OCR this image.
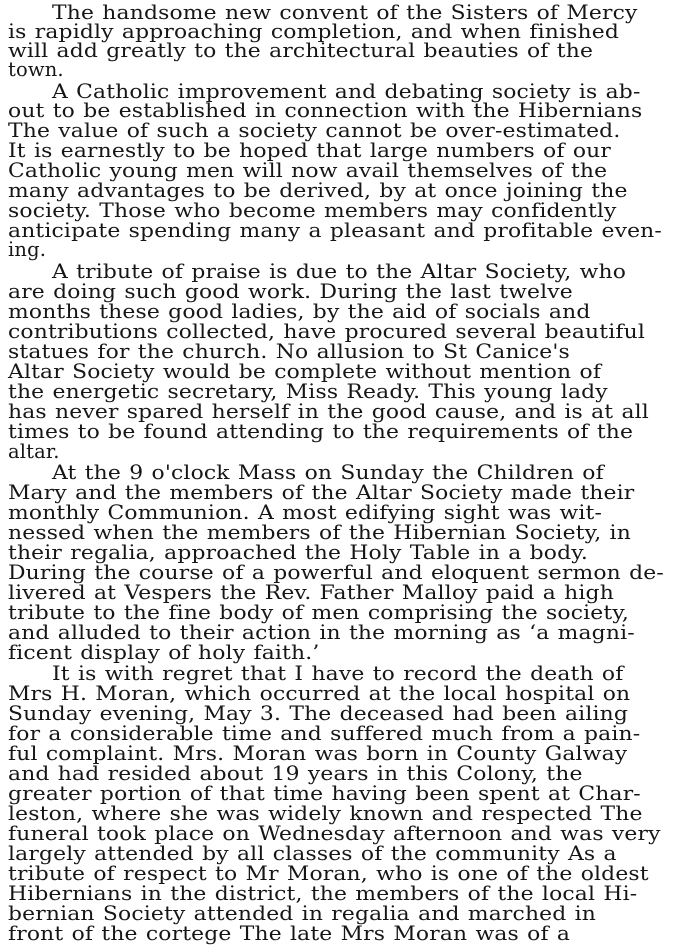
The handsome new convent of the Sisters of Mercy
is rapidly approaching completion, and when finished
will add greatly to the architectural beauties of the
town.
A Catholic improvement and debating society is ab-
out to be established in connection with the Hibernians
The value of such a society cannot be over-estimated.
It is earnestly to be hoped that large numbers of our
Catholic young men will now avail themselves of the
many advantages to be derived, by at once joining the
society. Those who become members may confidently
anticipate spending many a pleasant and profitable even-
ing.
A tribute of praise is due to the Altar Society, who
are doing such good work. During the last twelve
months these good ladies, by the aid of socials and
contributions collected, have procured several beautiful
statues for the church. No allusion to St Canice's
Altar Society would be complete without mention of
the energetic secretary, Miss Ready. This young lady
has never spared herself in the good cause, and is at all
times to be found attending to the requirements of the
altar.
At the 9 o'clock Mass on Sunday the Children of
Mary and the members of the Altar Society made their
monthly Communion. A most edifying sight was wit-
nessed when the members of the Hibernian Society, in
their regalia, approached the Holy Table in a body.
During the course of a powerful and eloquent sermon de-
livered at Vespers the Rev. Father Malloy paid a high
tribute to the fine body of men comprising the society,
and alluded to their action in the morning as ‘a magni-
ficent display of holy faith.’
It is with regret that I have to record the death of
Mrs H. Moran, which occurred at the local hospital on
Sunday evening, May 3. The deceased had been ailing
for a considerable time and suffered much from a pain-
ful complaint. Mrs. Moran was born in County Galway
and had resided about 19 years in this Colony, the
greater portion of that time having been spent at Char-
leston, where she was widely known and respected The
funeral took place on Wednesday afternoon and was very
largely attended by all classes of the community As a
tribute of respect to Mr Moran, who is one of the oldest
Hibernians in the district, the members of the local Hi-
bernian Society attended in regalia and marched in
front of the cortege The late Mrs Moran was of a
